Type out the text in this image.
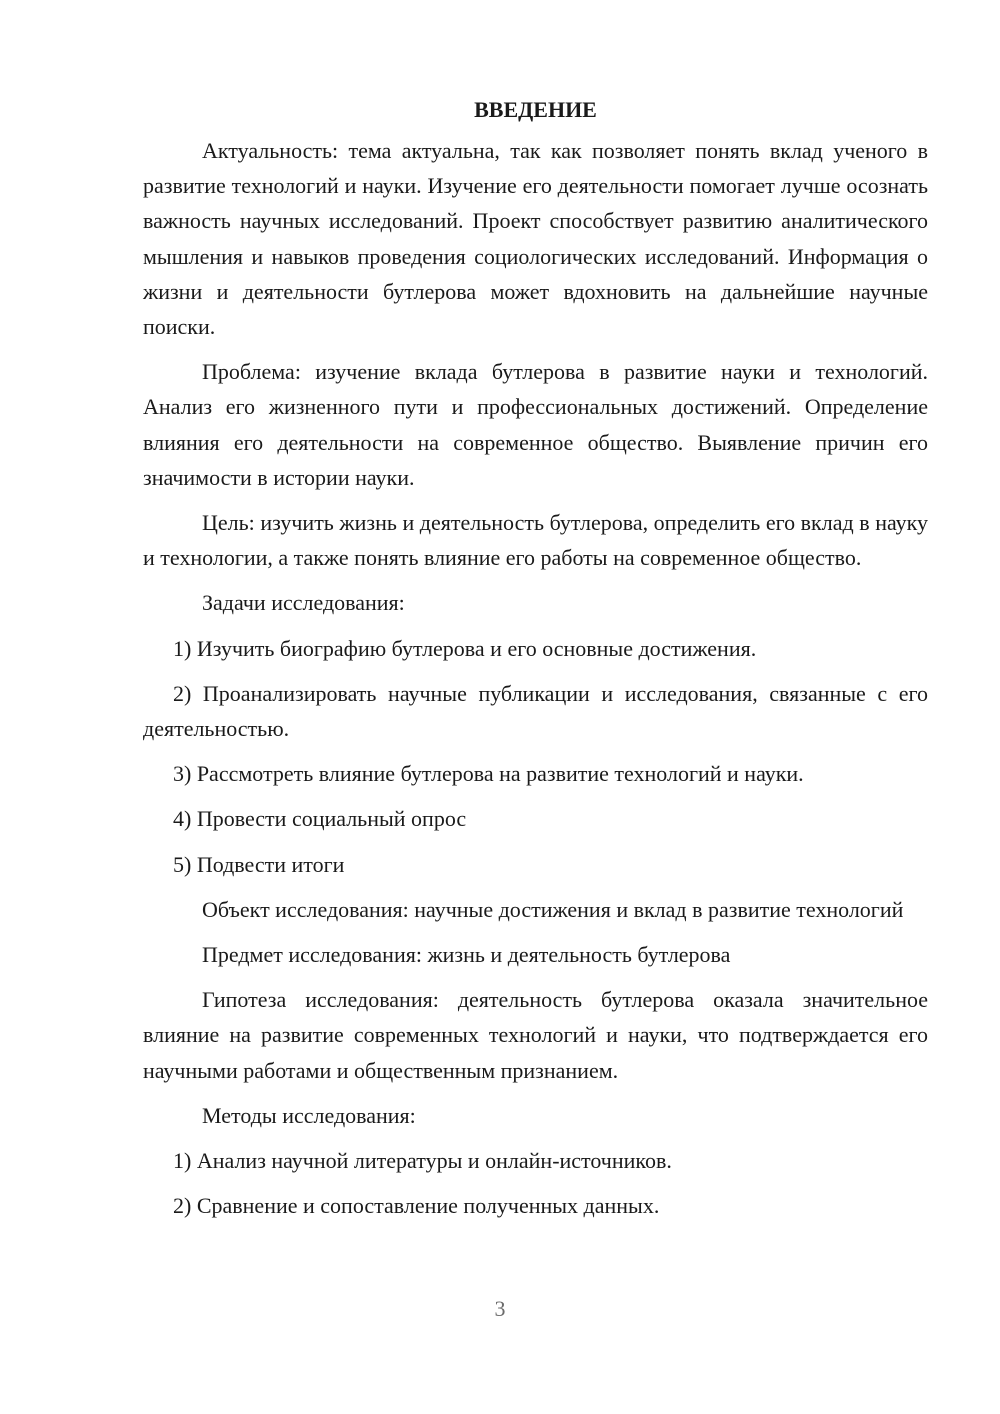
ВВЕДЕНИЕ

Актуальность: тема актуальна, так как позволяет понять вклад ученого в развитие технологий и науки. Изучение его деятельности помогает лучше осознать важность научных исследований. Проект способствует развитию аналитического мышления и навыков проведения социологических исследований. Информация о жизни и деятельности бутлерова может вдохновить на дальнейшие научные поиски.

Проблема: изучение вклада бутлерова в развитие науки и технологий. Анализ его жизненного пути и профессиональных достижений. Определение влияния его деятельности на современное общество. Выявление причин его значимости в истории науки.

Цель: изучить жизнь и деятельность бутлерова, определить его вклад в науку и технологии, а также понять влияние его работы на современное общество.

Задачи исследования:

1) Изучить биографию бутлерова и его основные достижения.

2) Проанализировать научные публикации и исследования, связанные с его деятельностью.

3) Рассмотреть влияние бутлерова на развитие технологий и науки.

4) Провести социальный опрос

5) Подвести итоги

Объект исследования: научные достижения и вклад в развитие технологий

Предмет исследования: жизнь и деятельность бутлерова

Гипотеза исследования: деятельность бутлерова оказала значительное влияние на развитие современных технологий и науки, что подтверждается его научными работами и общественным признанием.

Методы исследования:

1) Анализ научной литературы и онлайн-источников.

2) Сравнение и сопоставление полученных данных.

3
